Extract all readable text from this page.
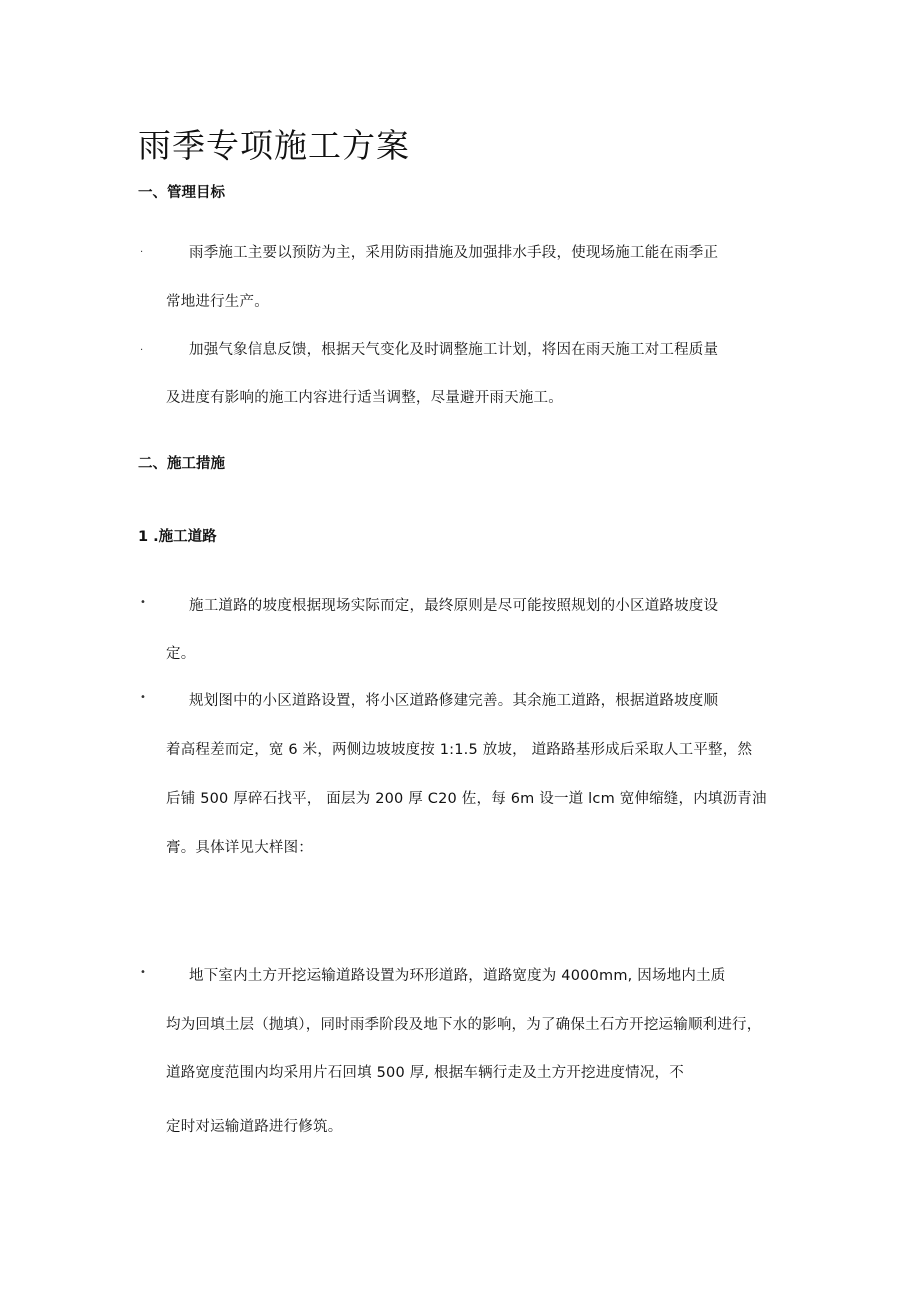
雨季专项施工方案
一、管理目标
.	雨季施工主要以预防为主，采用防雨措施及加强排水手段，使现场施工能在雨季正
常地进行生产。
.	加强气象信息反馈，根据天气变化及时调整施工计划，将因在雨天施工对工程质量
及进度有影响的施工内容进行适当调整，尽量避开雨天施工。
二、施工措施
1 .施工道路
•	施工道路的坡度根据现场实际而定，最终原则是尽可能按照规划的小区道路坡度设
定。
•	规划图中的小区道路设置，将小区道路修建完善。其余施工道路，根据道路坡度顺
着高程差而定，宽 6 米，两侧边坡坡度按 1:1.5 放坡， 道路路基形成后采取人工平整，然
后铺 500 厚碎石找平， 面层为 200 厚 C20 佐，每 6m 设一道 lcm 宽伸缩缝，内填沥青油
膏。具体详见大样图：
•	地下室内土方开挖运输道路设置为环形道路，道路宽度为 4000mm, 因场地内土质
均为回填土层（抛填），同时雨季阶段及地下水的影响，为了确保土石方开挖运输顺利进行，
道路宽度范围内均采用片石回填 500 厚, 根据车辆行走及土方开挖进度情况，不
定时对运输道路进行修筑。
